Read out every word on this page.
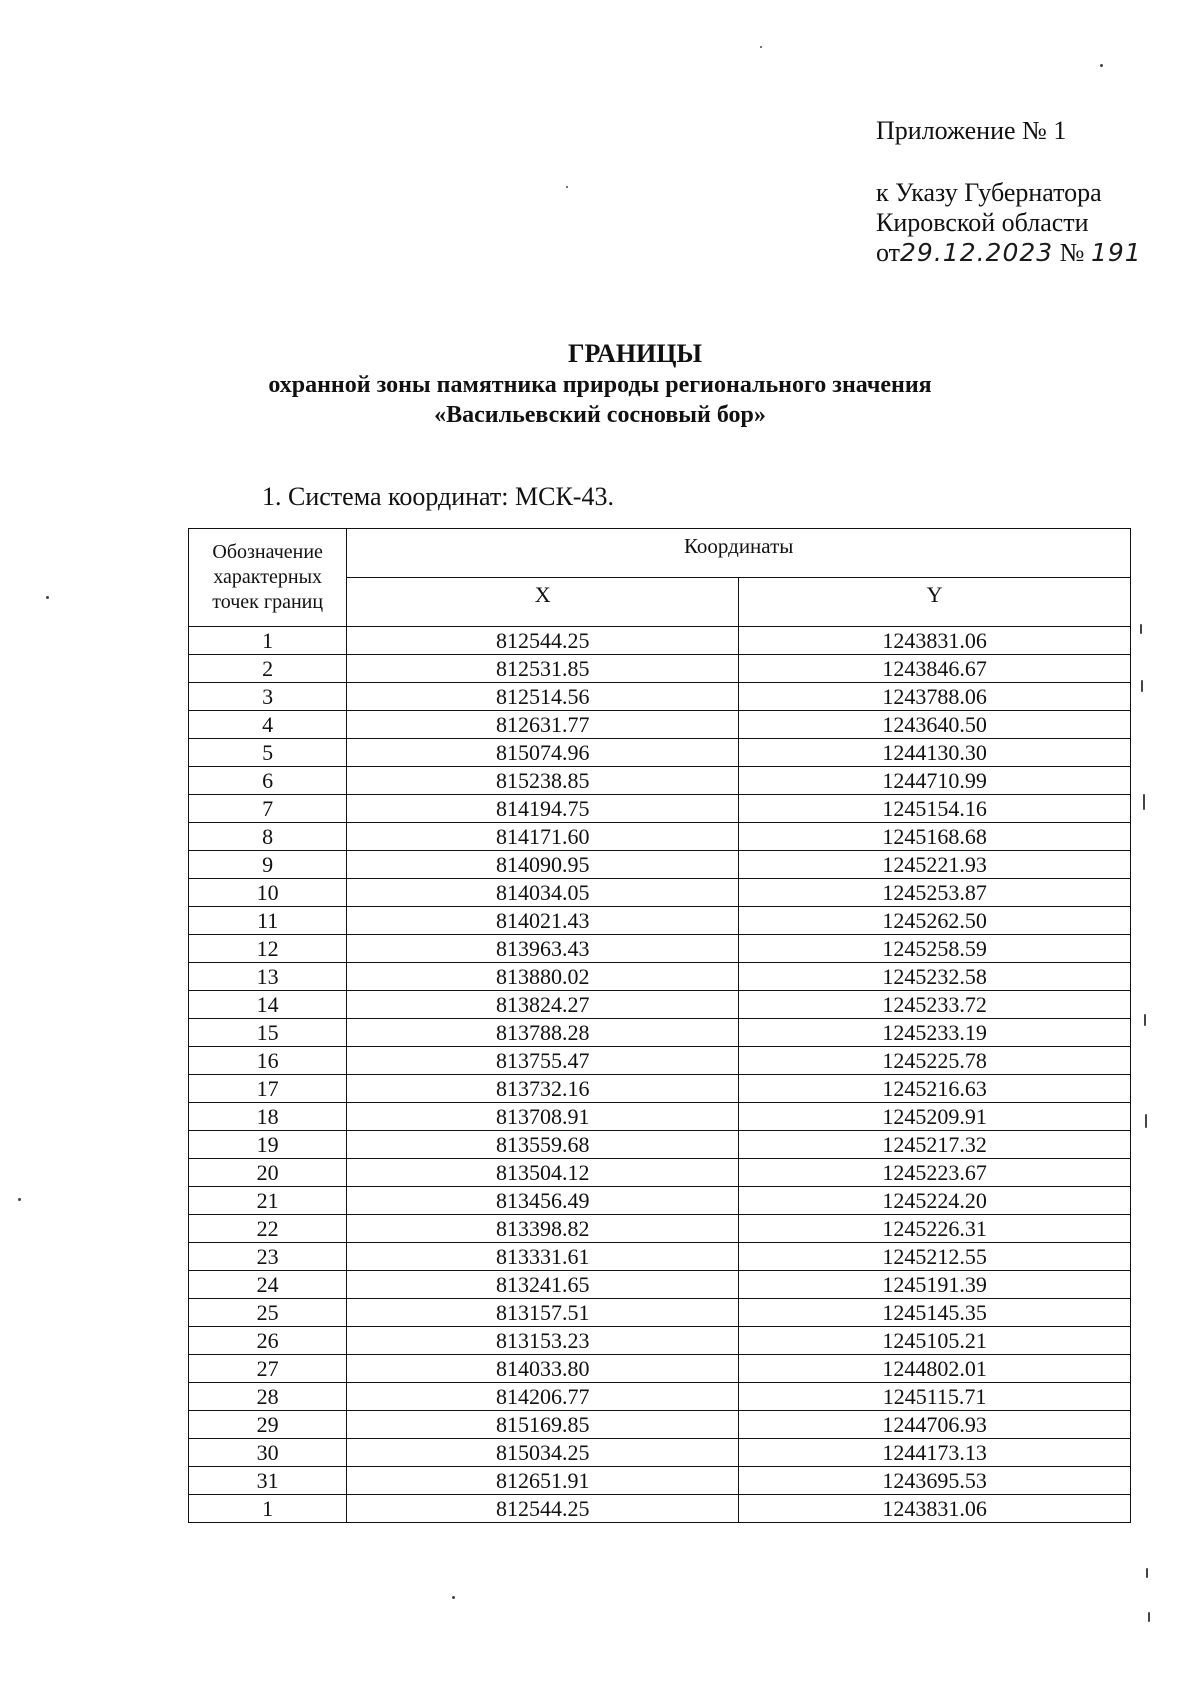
Приложение № 1
к Указу Губернатора
Кировской области
от29.12.2023 № 191
ГРАНИЦЫ
охранной зоны памятника природы регионального значения
«Васильевский сосновый бор»
1. Система координат: МСК-43.
Обозначение характерных точек границ	Координаты	
	X	Y
1	812544.25	1243831.06
2	812531.85	1243846.67
3	812514.56	1243788.06
4	812631.77	1243640.50
5	815074.96	1244130.30
6	815238.85	1244710.99
7	814194.75	1245154.16
8	814171.60	1245168.68
9	814090.95	1245221.93
10	814034.05	1245253.87
11	814021.43	1245262.50
12	813963.43	1245258.59
13	813880.02	1245232.58
14	813824.27	1245233.72
15	813788.28	1245233.19
16	813755.47	1245225.78
17	813732.16	1245216.63
18	813708.91	1245209.91
19	813559.68	1245217.32
20	813504.12	1245223.67
21	813456.49	1245224.20
22	813398.82	1245226.31
23	813331.61	1245212.55
24	813241.65	1245191.39
25	813157.51	1245145.35
26	813153.23	1245105.21
27	814033.80	1244802.01
28	814206.77	1245115.71
29	815169.85	1244706.93
30	815034.25	1244173.13
31	812651.91	1243695.53
1	812544.25	1243831.06
